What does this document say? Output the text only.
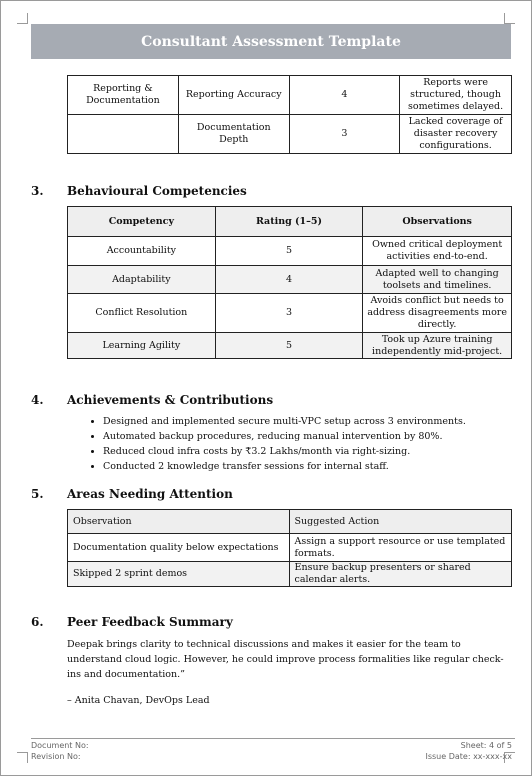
Consultant Assessment Template
Reporting & Documentation	Reporting Accuracy	4	Reports were structured, though sometimes delayed.
	Documentation Depth	3	Lacked coverage of disaster recovery configurations.
3. Behavioural Competencies
Competency	Rating (1–5)	Observations
Accountability	5	Owned critical deployment activities end-to-end.
Adaptability	4	Adapted well to changing toolsets and timelines.
Conflict Resolution	3	Avoids conflict but needs to address disagreements more directly.
Learning Agility	5	Took up Azure training independently mid-project.
4. Achievements & Contributions
• Designed and implemented secure multi-VPC setup across 3 environments.
• Automated backup procedures, reducing manual intervention by 80%.
• Reduced cloud infra costs by ₹3.2 Lakhs/month via right-sizing.
• Conducted 2 knowledge transfer sessions for internal staff.
5. Areas Needing Attention
Observation	Suggested Action
Documentation quality below expectations	Assign a support resource or use templated formats.
Skipped 2 sprint demos	Ensure backup presenters or shared calendar alerts.
6. Peer Feedback Summary
Deepak brings clarity to technical discussions and makes it easier for the team to understand cloud logic. However, he could improve process formalities like regular check-ins and documentation.”
– Anita Chavan, DevOps Lead
Document No:
Revision No:
Sheet: 4 of 5
Issue Date: xx-xxx-xx
